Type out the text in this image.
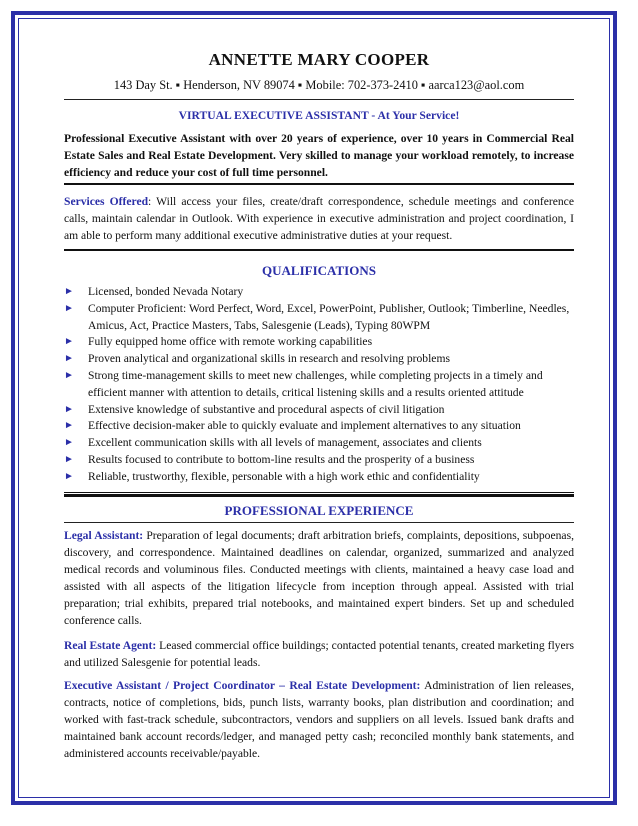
ANNETTE MARY COOPER
143 Day St. ▪ Henderson, NV 89074 ▪ Mobile: 702-373-2410 ▪ aarca123@aol.com
VIRTUAL EXECUTIVE ASSISTANT - At Your Service!
Professional Executive Assistant with over 20 years of experience, over 10 years in Commercial Real Estate Sales and Real Estate Development. Very skilled to manage your workload remotely, to increase efficiency and reduce your cost of full time personnel.
Services Offered: Will access your files, create/draft correspondence, schedule meetings and conference calls, maintain calendar in Outlook. With experience in executive administration and project coordination, I am able to perform many additional executive administrative duties at your request.
QUALIFICATIONS
► Licensed, bonded Nevada Notary
► Computer Proficient: Word Perfect, Word, Excel, PowerPoint, Publisher, Outlook; Timberline, Needles, Amicus, Act, Practice Masters, Tabs, Salesgenie (Leads), Typing 80WPM
► Fully equipped home office with remote working capabilities
► Proven analytical and organizational skills in research and resolving problems
► Strong time-management skills to meet new challenges, while completing projects in a timely and efficient manner with attention to details, critical listening skills and a results oriented attitude
► Extensive knowledge of substantive and procedural aspects of civil litigation
► Effective decision-maker able to quickly evaluate and implement alternatives to any situation
► Excellent communication skills with all levels of management, associates and clients
► Results focused to contribute to bottom-line results and the prosperity of a business
► Reliable, trustworthy, flexible, personable with a high work ethic and confidentiality
PROFESSIONAL EXPERIENCE
Legal Assistant: Preparation of legal documents; draft arbitration briefs, complaints, depositions, subpoenas, discovery, and correspondence. Maintained deadlines on calendar, organized, summarized and analyzed medical records and voluminous files. Conducted meetings with clients, maintained a heavy case load and assisted with all aspects of the litigation lifecycle from inception through appeal. Assisted with trial preparation; trial exhibits, prepared trial notebooks, and maintained expert binders. Set up and scheduled conference calls.
Real Estate Agent: Leased commercial office buildings; contacted potential tenants, created marketing flyers and utilized Salesgenie for potential leads.
Executive Assistant / Project Coordinator – Real Estate Development: Administration of lien releases, contracts, notice of completions, bids, punch lists, warranty books, plan distribution and coordination; and worked with fast-track schedule, subcontractors, vendors and suppliers on all levels. Issued bank drafts and maintained bank account records/ledger, and managed petty cash; reconciled monthly bank statements, and administered accounts receivable/payable.
